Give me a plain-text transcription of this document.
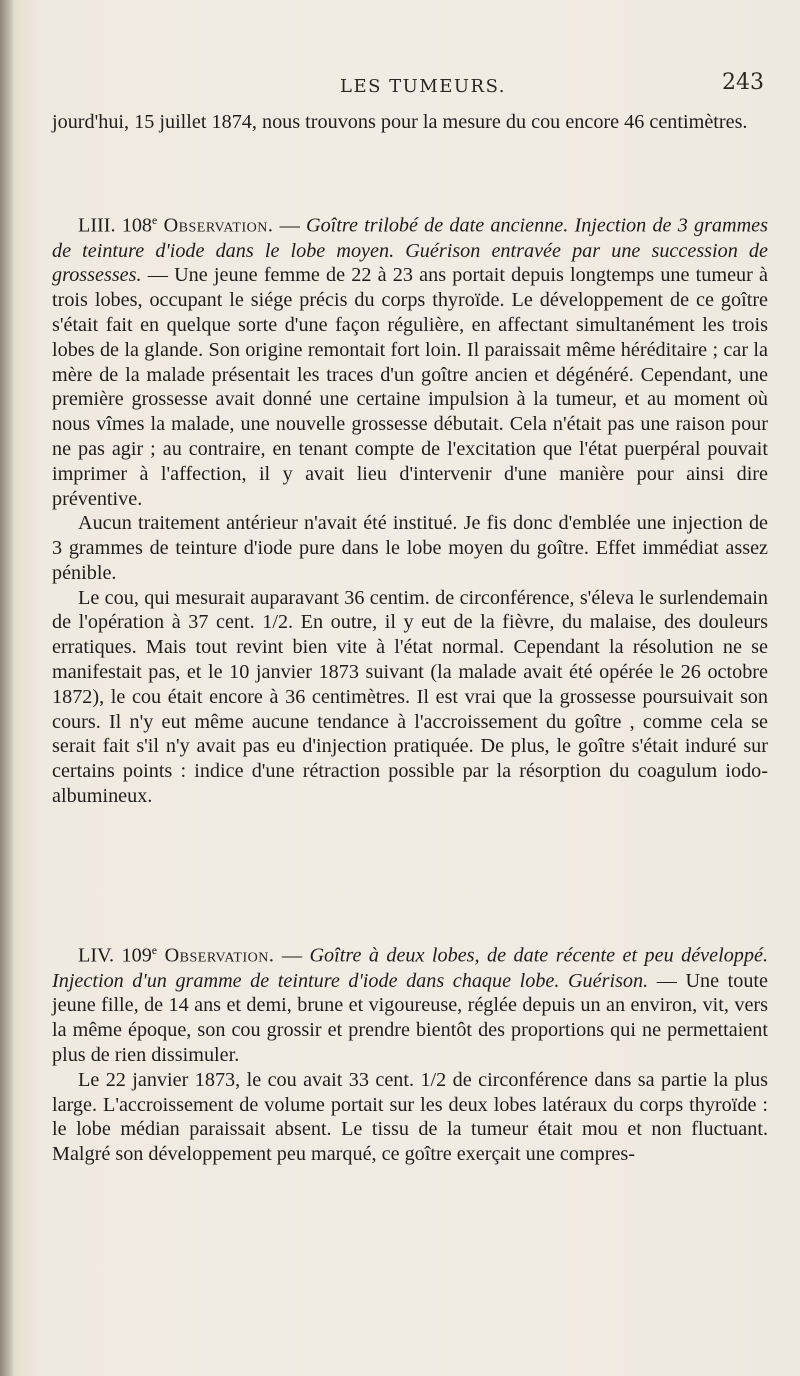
LES TUMEURS.	243

jourd'hui, 15 juillet 1874, nous trouvons pour la mesure du cou encore 46 centimètres.

LIII. 108e Observation. — Goître trilobé de date ancienne. Injection de 3 grammes de teinture d'iode dans le lobe moyen. Guérison entravée par une succession de grossesses. — Une jeune femme de 22 à 23 ans portait depuis longtemps une tumeur à trois lobes, occupant le siége précis du corps thyroïde. Le développement de ce goître s'était fait en quelque sorte d'une façon régulière, en affectant simultanément les trois lobes de la glande. Son origine remontait fort loin. Il paraissait même héréditaire ; car la mère de la malade présentait les traces d'un goître ancien et dégénéré. Cependant, une première grossesse avait donné une certaine impulsion à la tumeur, et au moment où nous vîmes la malade, une nouvelle grossesse débutait. Cela n'était pas une raison pour ne pas agir ; au contraire, en tenant compte de l'excitation que l'état puerpéral pouvait imprimer à l'affection, il y avait lieu d'intervenir d'une manière pour ainsi dire préventive.

Aucun traitement antérieur n'avait été institué. Je fis donc d'emblée une injection de 3 grammes de teinture d'iode pure dans le lobe moyen du goître. Effet immédiat assez pénible.

Le cou, qui mesurait auparavant 36 centim. de circonférence, s'éleva le surlendemain de l'opération à 37 cent. 1/2. En outre, il y eut de la fièvre, du malaise, des douleurs erratiques. Mais tout revint bien vite à l'état normal. Cependant la résolution ne se manifestait pas, et le 10 janvier 1873 suivant (la malade avait été opérée le 26 octobre 1872), le cou était encore à 36 centimètres. Il est vrai que la grossesse poursuivait son cours. Il n'y eut même aucune tendance à l'accroissement du goître , comme cela se serait fait s'il n'y avait pas eu d'injection pratiquée. De plus, le goître s'était induré sur certains points : indice d'une rétraction possible par la résorption du coagulum iodo-albumineux.

LIV. 109e Observation. — Goître à deux lobes, de date récente et peu développé. Injection d'un gramme de teinture d'iode dans chaque lobe. Guérison. — Une toute jeune fille, de 14 ans et demi, brune et vigoureuse, réglée depuis un an environ, vit, vers la même époque, son cou grossir et prendre bientôt des proportions qui ne permettaient plus de rien dissimuler.

Le 22 janvier 1873, le cou avait 33 cent. 1/2 de circonférence dans sa partie la plus large. L'accroissement de volume portait sur les deux lobes latéraux du corps thyroïde : le lobe médian paraissait absent. Le tissu de la tumeur était mou et non fluctuant. Malgré son développement peu marqué, ce goître exerçait une compres-
